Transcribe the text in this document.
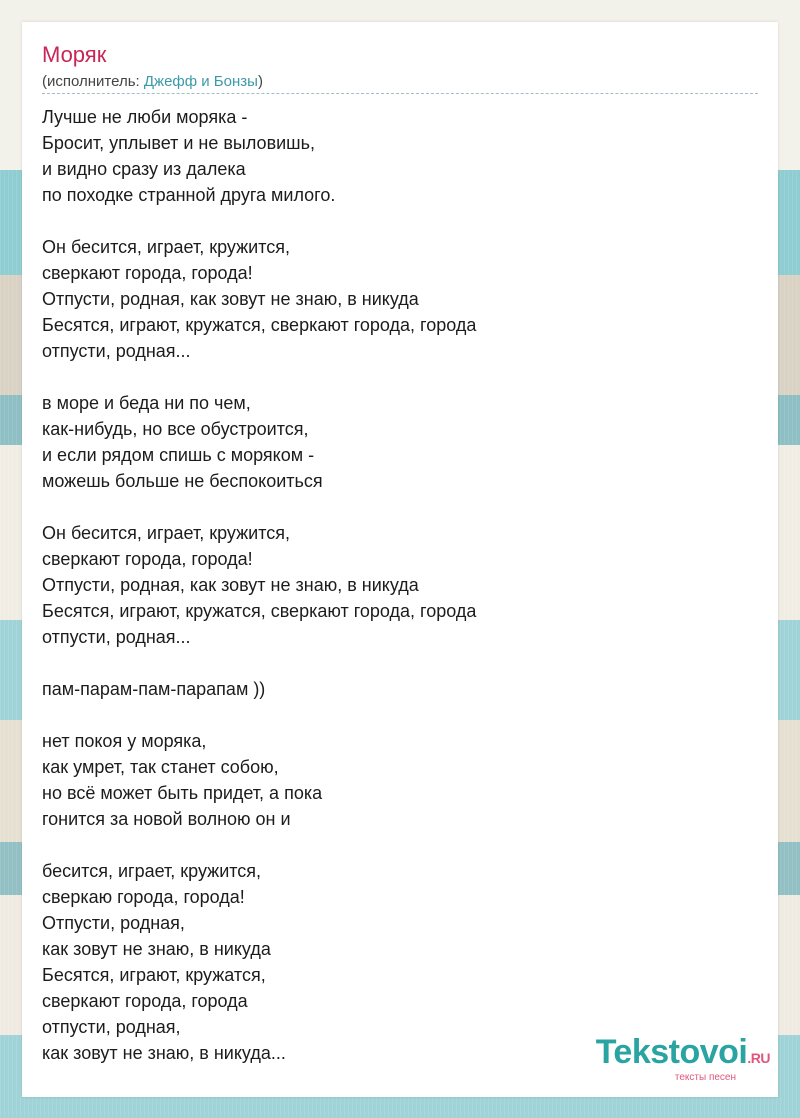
Моряк
(исполнитель: Джефф и Бонзы)
Лучше не люби моряка -
Бросит, уплывет и не выловишь,
и видно сразу из далека
по походке странной друга милого.
Он бесится, играет, кружится,
сверкают города, города!
Отпусти, родная, как зовут не знаю, в никуда
Бесятся, играют, кружатся, сверкают города, города
отпусти, родная...
в море и беда ни по чем,
как-нибудь, но все обустроится,
и если рядом спишь с моряком -
можешь больше не беспокоиться
Он бесится, играет, кружится,
сверкают города, города!
Отпусти, родная, как зовут не знаю, в никуда
Бесятся, играют, кружатся, сверкают города, города
отпусти, родная...
пам-парам-пам-парапам ))
нет покоя у моряка,
как умрет, так станет собою,
но всё может быть придет, а пока
гонится за новой волною он и
бесится, играет, кружится,
сверкаю города, города!
Отпусти, родная,
как зовут не знаю, в никуда
Бесятся, играют, кружатся,
сверкают города, города
отпусти, родная,
как зовут не знаю, в никуда...	Tekstovoi.RU
тексты песен
